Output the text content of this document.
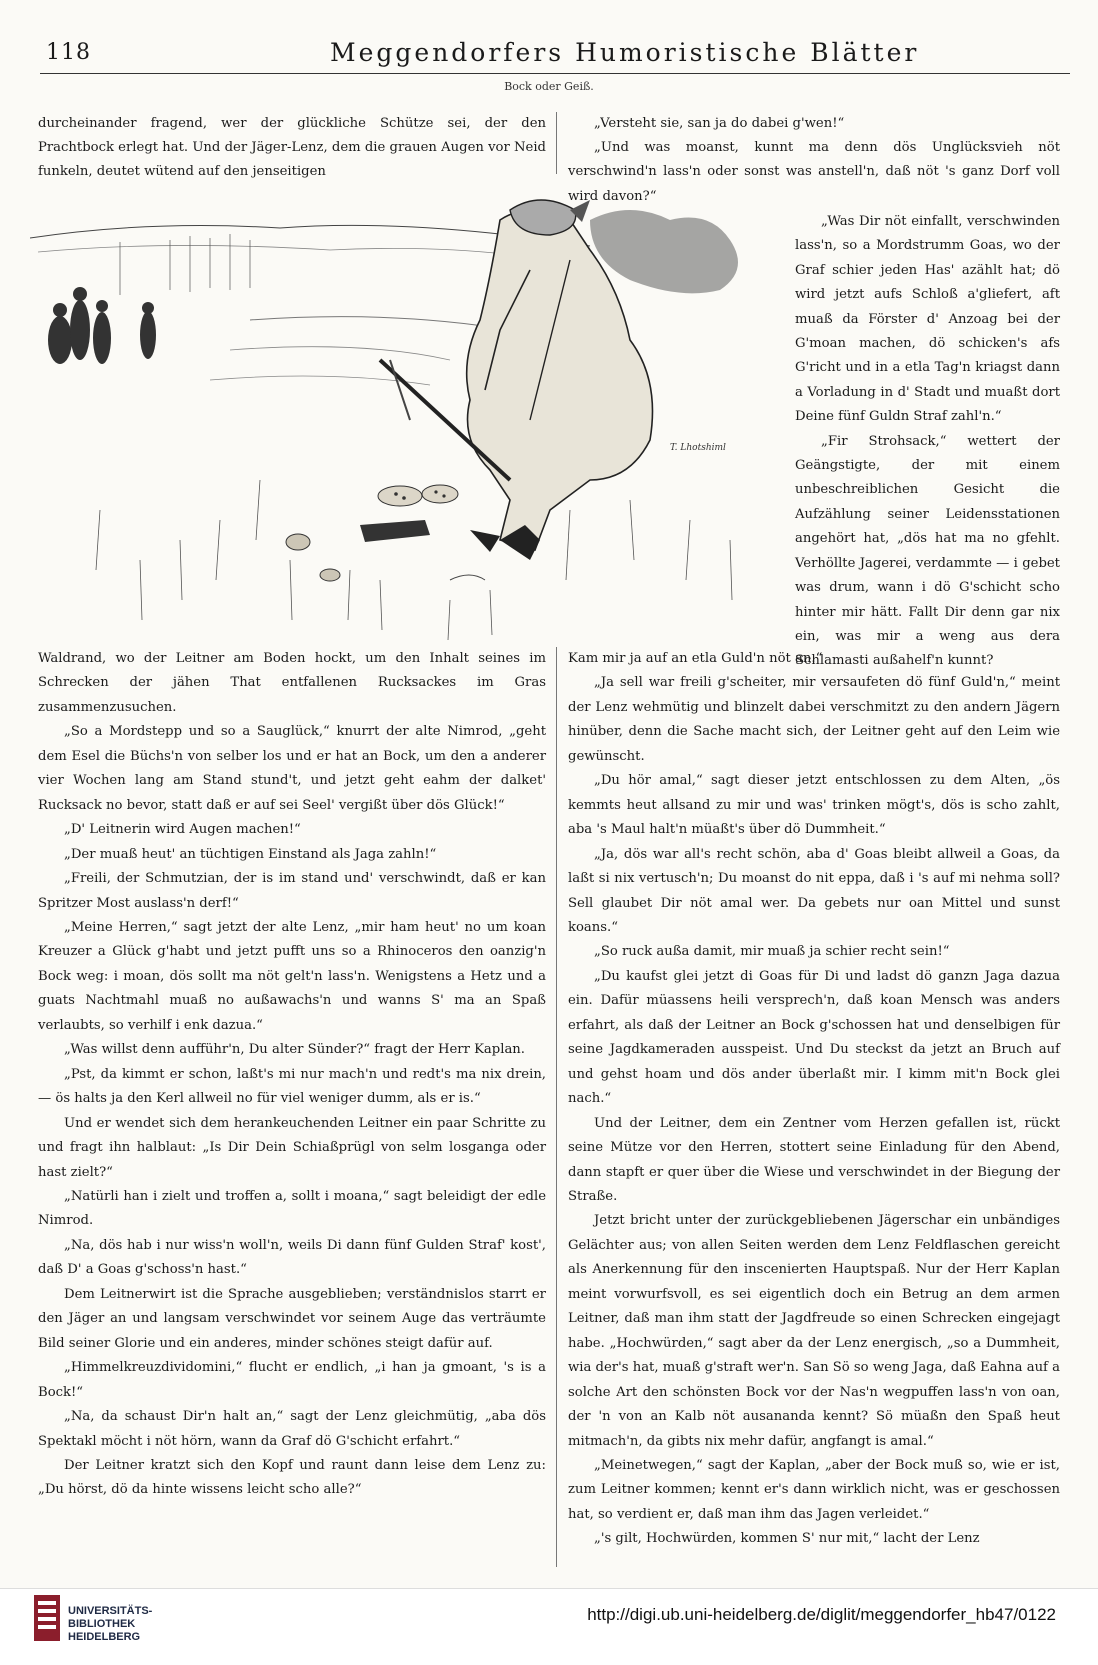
118	Meggendorfers Humoristische Blätter
Bock oder Geiß.

durcheinander fragend, wer der glückliche Schütze sei, der den Prachtbock erlegt hat. Und der Jäger-Lenz, dem die grauen Augen vor Neid funkeln, deutet wütend auf den jenseitigen

„Versteht sie, san ja do dabei g'wen!“

„Und was moanst, kunnt ma denn dös Unglücksvieh nöt verschwind'n lass'n oder sonst was anstell'n, daß nöt 's ganz Dorf voll wird davon?“

T. Lhotshiml

„Was Dir nöt einfallt, verschwinden lass'n, so a Mordstrumm Goas, wo der Graf schier jeden Has' azählt hat; dö wird jetzt aufs Schloß a'gliefert, aft muaß da Förster d' Anzoag bei der G'moan machen, dö schicken's afs G'richt und in a etla Tag'n kriagst dann a Vorladung in d' Stadt und muaßt dort Deine fünf Guldn Straf zahl'n.“

„Fir Strohsack,“ wettert der Geängstigte, der mit einem unbeschreiblichen Gesicht die Aufzählung seiner Leidensstationen angehört hat, „dös hat ma no gfehlt. Verhöllte Jagerei, verdammte — i gebet was drum, wann i dö G'schicht scho hinter mir hätt. Fallt Dir denn gar nix ein, was mir a weng aus dera Schlamasti außahelf'n kunnt?

Waldrand, wo der Leitner am Boden hockt, um den Inhalt seines im Schrecken der jähen That entfallenen Rucksackes im Gras zusammenzusuchen.

„So a Mordstepp und so a Sauglück,“ knurrt der alte Nimrod, „geht dem Esel die Büchs'n von selber los und er hat an Bock, um den a anderer vier Wochen lang am Stand stund't, und jetzt geht eahm der dalket' Rucksack no bevor, statt daß er auf sei Seel' vergißt über dös Glück!“

„D' Leitnerin wird Augen machen!“

„Der muaß heut' an tüchtigen Einstand als Jaga zahln!“

„Freili, der Schmutzian, der is im stand und' verschwindt, daß er kan Spritzer Most auslass'n derf!“

„Meine Herren,“ sagt jetzt der alte Lenz, „mir ham heut' no um koan Kreuzer a Glück g'habt und jetzt pufft uns so a Rhinoceros den oanzig'n Bock weg: i moan, dös sollt ma nöt gelt'n lass'n. Wenigstens a Hetz und a guats Nachtmahl muaß no außawachs'n und wanns S' ma an Spaß verlaubts, so verhilf i enk dazua.“

„Was willst denn aufführ'n, Du alter Sünder?“ fragt der Herr Kaplan.

„Pst, da kimmt er schon, laßt's mi nur mach'n und redt's ma nix drein, — ös halts ja den Kerl allweil no für viel weniger dumm, als er is.“

Und er wendet sich dem herankeuchenden Leitner ein paar Schritte zu und fragt ihn halblaut: „Is Dir Dein Schiaßprügl von selm losganga oder hast zielt?“

„Natürli han i zielt und troffen a, sollt i moana,“ sagt beleidigt der edle Nimrod.

„Na, dös hab i nur wiss'n woll'n, weils Di dann fünf Gulden Straf' kost', daß D' a Goas g'schoss'n hast.“

Dem Leitnerwirt ist die Sprache ausgeblieben; verständnislos starrt er den Jäger an und langsam verschwindet vor seinem Auge das verträumte Bild seiner Glorie und ein anderes, minder schönes steigt dafür auf.

„Himmelkreuzdividomini,“ flucht er endlich, „i han ja gmoant, 's is a Bock!“

„Na, da schaust Dir'n halt an,“ sagt der Lenz gleichmütig, „aba dös Spektakl möcht i nöt hörn, wann da Graf dö G'schicht erfahrt.“

Der Leitner kratzt sich den Kopf und raunt dann leise dem Lenz zu: „Du hörst, dö da hinte wissens leicht scho alle?“

Kam mir ja auf an etla Guld'n nöt an.“

„Ja sell war freili g'scheiter, mir versaufeten dö fünf Guld'n,“ meint der Lenz wehmütig und blinzelt dabei verschmitzt zu den andern Jägern hinüber, denn die Sache macht sich, der Leitner geht auf den Leim wie gewünscht.

„Du hör amal,“ sagt dieser jetzt entschlossen zu dem Alten, „ös kemmts heut allsand zu mir und was' trinken mögt's, dös is scho zahlt, aba 's Maul halt'n müaßt's über dö Dummheit.“

„Ja, dös war all's recht schön, aba d' Goas bleibt allweil a Goas, da laßt si nix vertusch'n; Du moanst do nit eppa, daß i 's auf mi nehma soll? Sell glaubet Dir nöt amal wer. Da gebets nur oan Mittel und sunst koans.“

„So ruck außa damit, mir muaß ja schier recht sein!“

„Du kaufst glei jetzt di Goas für Di und ladst dö ganzn Jaga dazua ein. Dafür müassens heili versprech'n, daß koan Mensch was anders erfahrt, als daß der Leitner an Bock g'schossen hat und denselbigen für seine Jagdkameraden ausspeist. Und Du steckst da jetzt an Bruch auf und gehst hoam und dös ander überlaßt mir. I kimm mit'n Bock glei nach.“

Und der Leitner, dem ein Zentner vom Herzen gefallen ist, rückt seine Mütze vor den Herren, stottert seine Einladung für den Abend, dann stapft er quer über die Wiese und verschwindet in der Biegung der Straße.

Jetzt bricht unter der zurückgebliebenen Jägerschar ein unbändiges Gelächter aus; von allen Seiten werden dem Lenz Feldflaschen gereicht als Anerkennung für den inscenierten Hauptspaß. Nur der Herr Kaplan meint vorwurfsvoll, es sei eigentlich doch ein Betrug an dem armen Leitner, daß man ihm statt der Jagdfreude so einen Schrecken eingejagt habe. „Hochwürden,“ sagt aber da der Lenz energisch, „so a Dummheit, wia der's hat, muaß g'straft wer'n. San Sö so weng Jaga, daß Eahna auf a solche Art den schönsten Bock vor der Nas'n wegpuffen lass'n von oan, der 'n von an Kalb nöt ausananda kennt? Sö müaßn den Spaß heut mitmach'n, da gibts nix mehr dafür, angfangt is amal.“

„Meinetwegen,“ sagt der Kaplan, „aber der Bock muß so, wie er ist, zum Leitner kommen; kennt er's dann wirklich nicht, was er geschossen hat, so verdient er, daß man ihm das Jagen verleidet.“

„'s gilt, Hochwürden, kommen S' nur mit,“ lacht der Lenz

UNIVERSITÄTS-
BIBLIOTHEK
HEIDELBERG
http://digi.ub.uni-heidelberg.de/diglit/meggendorfer_hb47/0122
